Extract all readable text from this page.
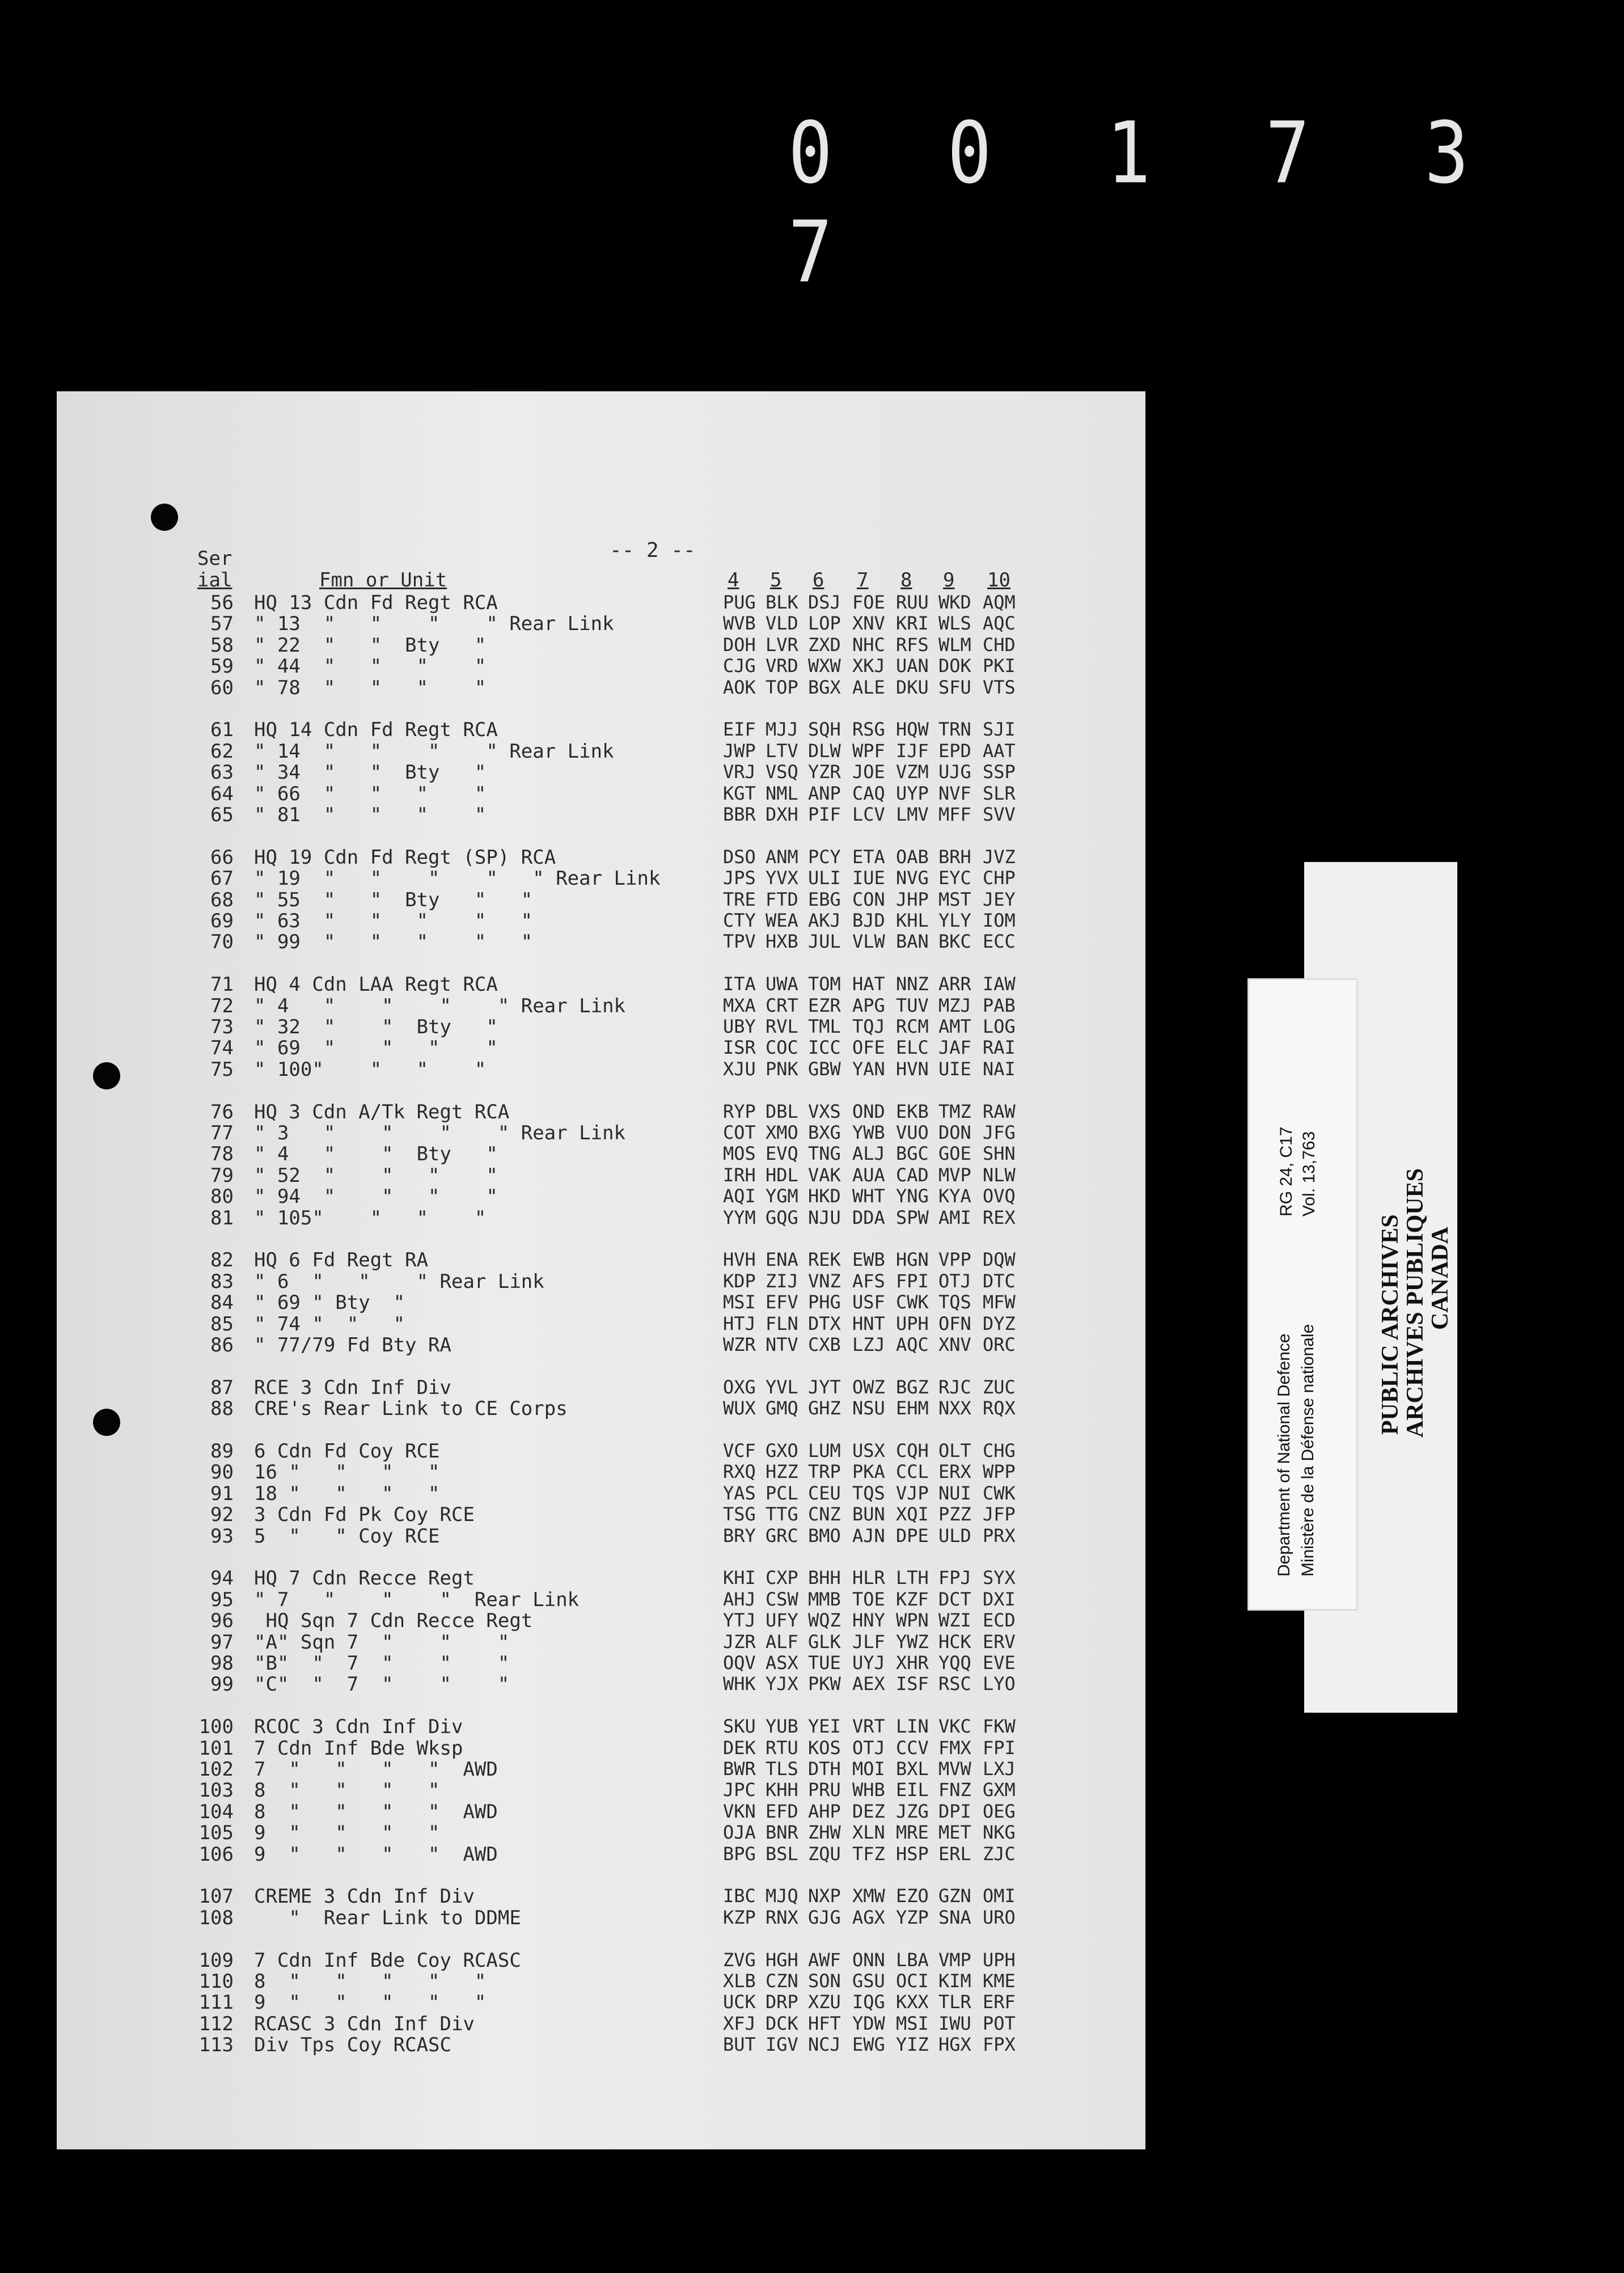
0 0 1 7 3 7
-- 2 --
Ser
ial	Fmn or Unit	4 5 6 7 8 9 10
56 HQ 13 Cdn Fd Regt RCA	PUG BLK DSJ FOE RUU WKD AQM
57 " 13  "   "    "    " Rear Link	WVB VLD LOP XNV KRI WLS AQC
58 " 22  "   "  Bty   "	DOH LVR ZXD NHC RFS WLM CHD
59 " 44  "   "   "    "	CJG VRD WXW XKJ UAN DOK PKI
60 " 78  "   "   "    "	AOK TOP BGX ALE DKU SFU VTS
61 HQ 14 Cdn Fd Regt RCA	EIF MJJ SQH RSG HQW TRN SJI
62 " 14  "   "    "    " Rear Link	JWP LTV DLW WPF IJF EPD AAT
63 " 34  "   "  Bty   "	VRJ VSQ YZR JOE VZM UJG SSP
64 " 66  "   "   "    "	KGT NML ANP CAQ UYP NVF SLR
65 " 81  "   "   "    "	BBR DXH PIF LCV LMV MFF SVV
66 HQ 19 Cdn Fd Regt (SP) RCA	DSO ANM PCY ETA OAB BRH JVZ
67 " 19  "   "    "    "   " Rear Link	JPS YVX ULI IUE NVG EYC CHP
68 " 55  "   "  Bty   "   "	TRE FTD EBG CON JHP MST JEY
69 " 63  "   "   "    "   "	CTY WEA AKJ BJD KHL YLY IOM
70 " 99  "   "   "    "   "	TPV HXB JUL VLW BAN BKC ECC
71 HQ 4 Cdn LAA Regt RCA	ITA UWA TOM HAT NNZ ARR IAW
72 " 4   "    "    "    " Rear Link	MXA CRT EZR APG TUV MZJ PAB
73 " 32  "    "  Bty   "	UBY RVL TML TQJ RCM AMT LOG
74 " 69  "    "   "    "	ISR COC ICC OFE ELC JAF RAI
75 " 100"    "   "    "	XJU PNK GBW YAN HVN UIE NAI
76 HQ 3 Cdn A/Tk Regt RCA	RYP DBL VXS OND EKB TMZ RAW
77 " 3   "    "    "    " Rear Link	COT XMO BXG YWB VUO DON JFG
78 " 4   "    "  Bty   "	MOS EVQ TNG ALJ BGC GOE SHN
79 " 52  "    "   "    "	IRH HDL VAK AUA CAD MVP NLW
80 " 94  "    "   "    "	AQI YGM HKD WHT YNG KYA OVQ
81 " 105"    "   "    "	YYM GQG NJU DDA SPW AMI REX
82 HQ 6 Fd Regt RA	HVH ENA REK EWB HGN VPP DQW
83 " 6  "   "    " Rear Link	KDP ZIJ VNZ AFS FPI OTJ DTC
84 " 69 " Bty  "	MSI EFV PHG USF CWK TQS MFW
85 " 74 "  "   "	HTJ FLN DTX HNT UPH OFN DYZ
86 " 77/79 Fd Bty RA	WZR NTV CXB LZJ AQC XNV ORC
87 RCE 3 Cdn Inf Div	OXG YVL JYT OWZ BGZ RJC ZUC
88 CRE's Rear Link to CE Corps	WUX GMQ GHZ NSU EHM NXX RQX
89 6 Cdn Fd Coy RCE	VCF GXO LUM USX CQH OLT CHG
90 16 "   "   "   "	RXQ HZZ TRP PKA CCL ERX WPP
91 18 "   "   "   "	YAS PCL CEU TQS VJP NUI CWK
92 3 Cdn Fd Pk Coy RCE	TSG TTG CNZ BUN XQI PZZ JFP
93 5  "   " Coy RCE	BRY GRC BMO AJN DPE ULD PRX
94 HQ 7 Cdn Recce Regt	KHI CXP BHH HLR LTH FPJ SYX
95 " 7   "    "    "  Rear Link	AHJ CSW MMB TOE KZF DCT DXI
96 HQ Sqn 7 Cdn Recce Regt	YTJ UFY WQZ HNY WPN WZI ECD
97 "A" Sqn 7  "    "    "	JZR ALF GLK JLF YWZ HCK ERV
98 "B"  "  7  "    "    "	OQV ASX TUE UYJ XHR YQQ EVE
99 "C"  "  7  "    "    "	WHK YJX PKW AEX ISF RSC LYO
100 RCOC 3 Cdn Inf Div	SKU YUB YEI VRT LIN VKC FKW
101 7 Cdn Inf Bde Wksp	DEK RTU KOS OTJ CCV FMX FPI
102 7  "   "   "   "  AWD	BWR TLS DTH MOI BXL MVW LXJ
103 8  "   "   "   "	JPC KHH PRU WHB EIL FNZ GXM
104 8  "   "   "   "  AWD	VKN EFD AHP DEZ JZG DPI OEG
105 9  "   "   "   "	OJA BNR ZHW XLN MRE MET NKG
106 9  "   "   "   "  AWD	BPG BSL ZQU TFZ HSP ERL ZJC
107 CREME 3 Cdn Inf Div	IBC MJQ NXP XMW EZO GZN OMI
108 "  Rear Link to DDME	KZP RNX GJG AGX YZP SNA URO
109 7 Cdn Inf Bde Coy RCASC	ZVG HGH AWF ONN LBA VMP UPH
110 8  "   "   "   "   "	XLB CZN SON GSU OCI KIM KME
111 9  "   "   "   "   "	UCK DRP XZU IQG KXX TLR ERF
112 RCASC 3 Cdn Inf Div	XFJ DCK HFT YDW MSI IWU POT
113 Div Tps Coy RCASC	BUT IGV NCJ EWG YIZ HGX FPX
Department of National Defence Ministère de la Défense nationale
RG 24, C17 Vol. 13,763
PUBLIC ARCHIVES
ARCHIVES PUBLIQUES
CANADA
